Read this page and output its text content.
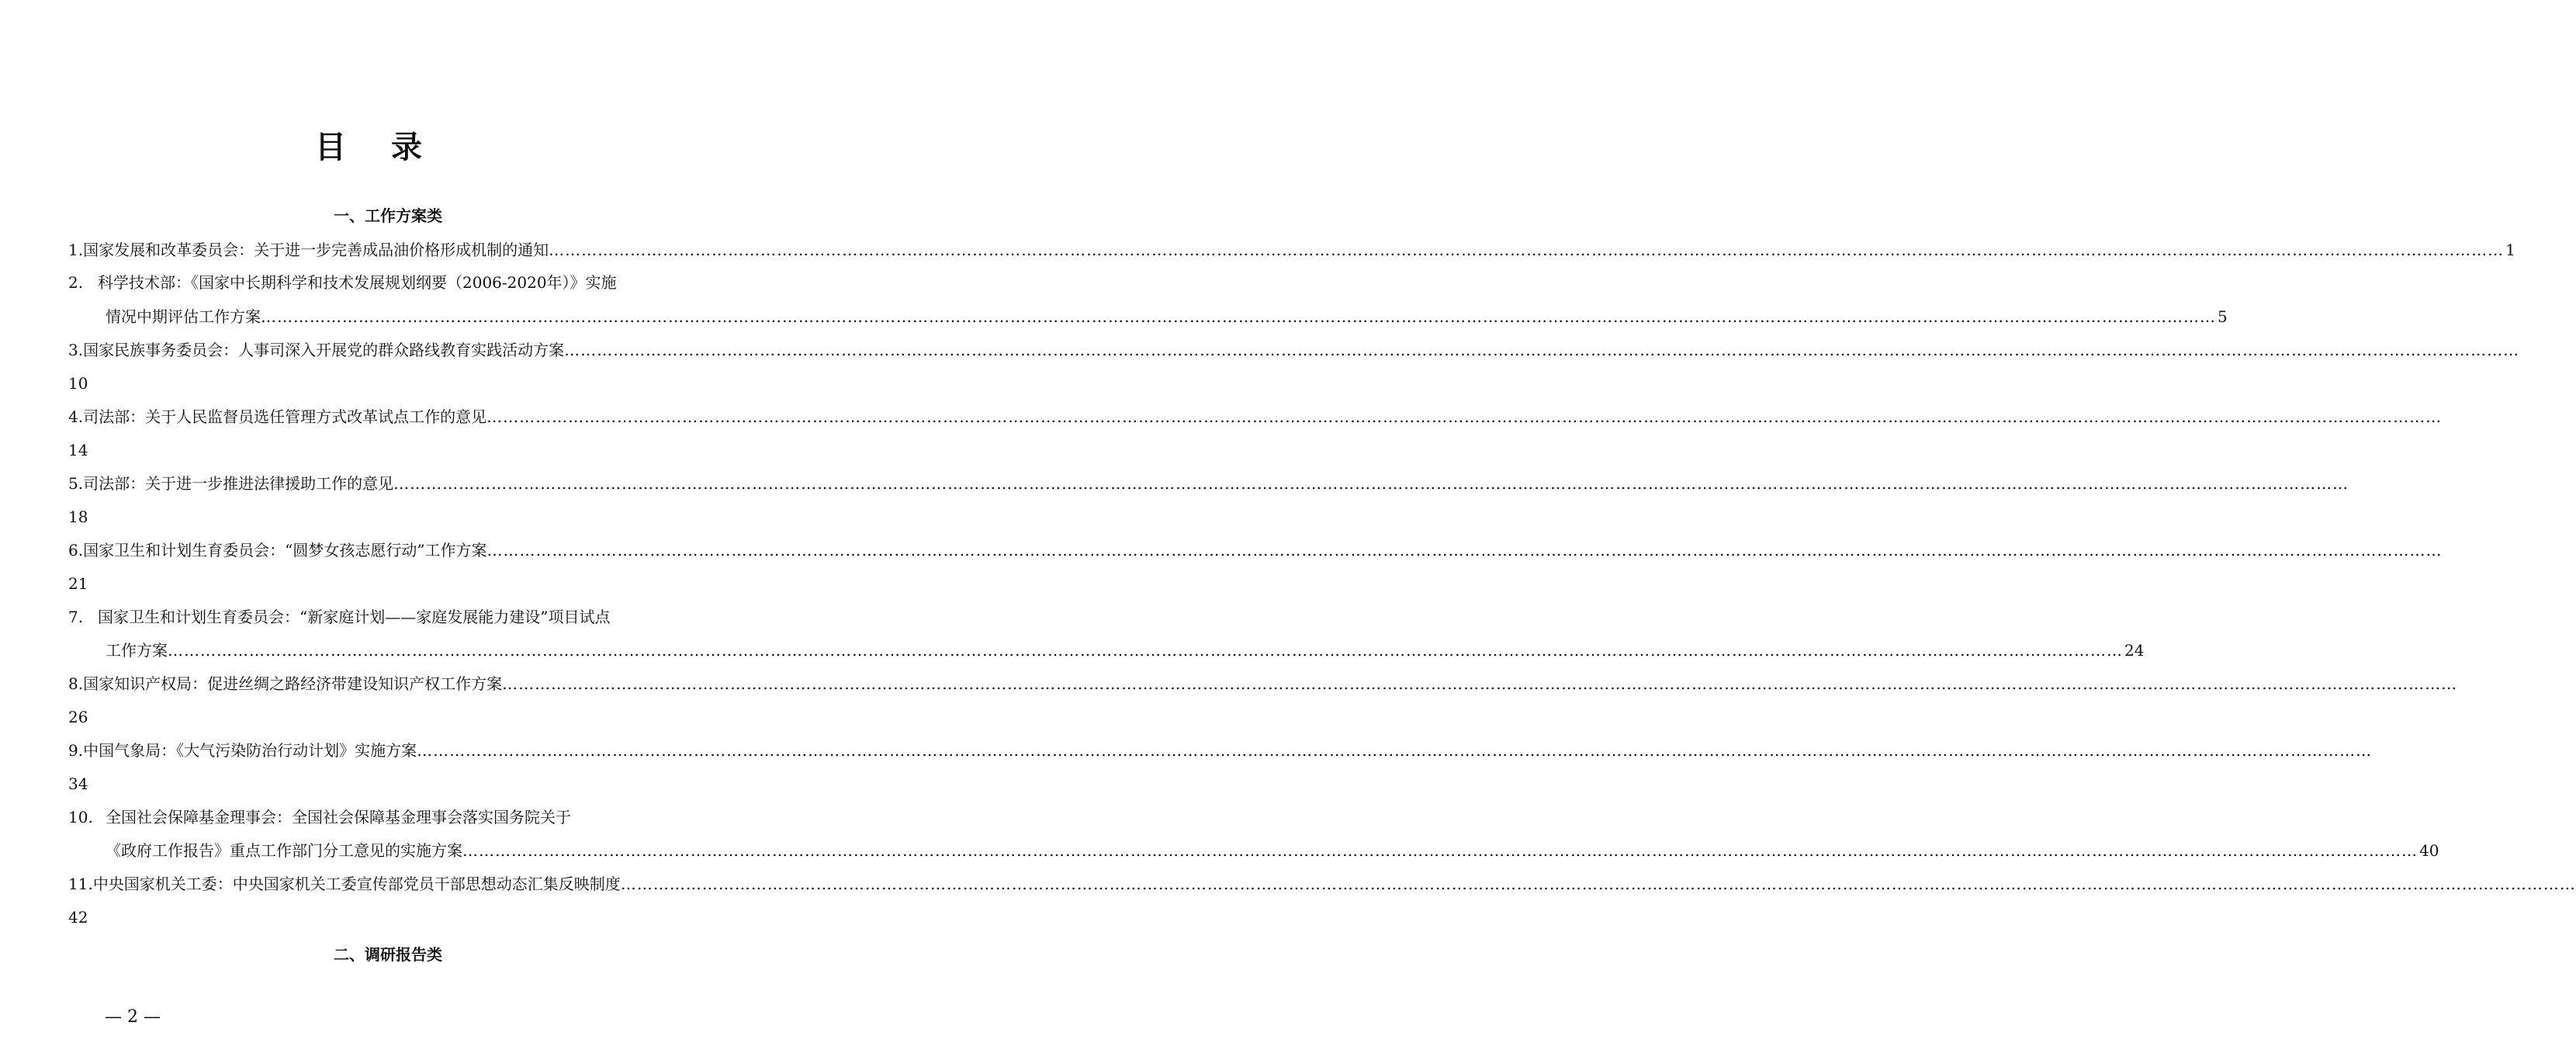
目 录
一、工作方案类
1. 国家发展和改革委员会：关于进一步完善成品油价格形成机制的通知 ……………………………………………………………………………………………………………………………………………………………………………………………………………………………………………………………………………………………………………………………… 1
2. 科学技术部：《国家中长期科学和技术发展规划纲要（2006-2020年）》实施
情况中期评估工作方案 ……………………………………………………………………………………………………………………………………………………………………………………………………………………………………………………………………………………………………………………………… 5
3. 国家民族事务委员会：人事司深入开展党的群众路线教育实践活动方案 ………………………………………………………………………………………………………………………………………………………………………………………………………………………………………………………………………………………………………………………………
10
4. 司法部：关于人民监督员选任管理方式改革试点工作的意见 ………………………………………………………………………………………………………………………………………………………………………………………………………………………………………………………………………………………………………………………………
14
5. 司法部：关于进一步推进法律援助工作的意见 ………………………………………………………………………………………………………………………………………………………………………………………………………………………………………………………………………………………………………………………………
18
6. 国家卫生和计划生育委员会：“圆梦女孩志愿行动”工作方案 ………………………………………………………………………………………………………………………………………………………………………………………………………………………………………………………………………………………………………………………………
21
7. 国家卫生和计划生育委员会：“新家庭计划——家庭发展能力建设”项目试点
工作方案 ……………………………………………………………………………………………………………………………………………………………………………………………………………………………………………………………………………………………………………………………… 24
8. 国家知识产权局：促进丝绸之路经济带建设知识产权工作方案 ………………………………………………………………………………………………………………………………………………………………………………………………………………………………………………………………………………………………………………………………
26
9. 中国气象局：《大气污染防治行动计划》实施方案 ………………………………………………………………………………………………………………………………………………………………………………………………………………………………………………………………………………………………………………………………
34
10. 全国社会保障基金理事会：全国社会保障基金理事会落实国务院关于
《政府工作报告》重点工作部门分工意见的实施方案 ……………………………………………………………………………………………………………………………………………………………………………………………………………………………………………………………………………………………………………………………… 40
11. 中央国家机关工委：中央国家机关工委宣传部党员干部思想动态汇集反映制度 ………………………………………………………………………………………………………………………………………………………………………………………………………………………………………………………………………………………………………………………………
42
二、调研报告类
— 2 —
